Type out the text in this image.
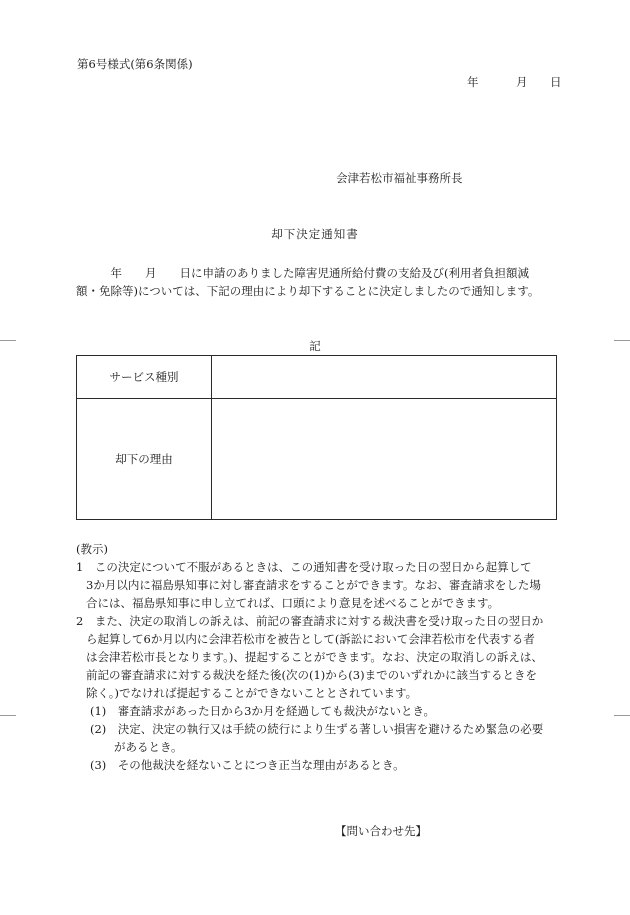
第6号様式(第6条関係)
年	月 日
会津若松市福祉事務所長
却下決定通知書
　　　年　　月　　日に申請のありました障害児通所給付費の支給及び(利用者負担額減
額・免除等)については、下記の理由により却下することに決定しましたので通知します。
記
サービス種別	
却下の理由	
(教示)
1　この決定について不服があるときは、この通知書を受け取った日の翌日から起算して
3か月以内に福島県知事に対し審査請求をすることができます。なお、審査請求をした場
合には、福島県知事に申し立てれば、口頭により意見を述べることができます。
2　また、決定の取消しの訴えは、前記の審査請求に対する裁決書を受け取った日の翌日か
ら起算して6か月以内に会津若松市を被告として(訴訟において会津若松市を代表する者
は会津若松市長となります。)、提起することができます。なお、決定の取消しの訴えは、
前記の審査請求に対する裁決を経た後(次の(1)から(3)までのいずれかに該当するときを
除く。)でなければ提起することができないこととされています。
(1)　審査請求があった日から3か月を経過しても裁決がないとき。
(2)　決定、決定の執行又は手続の続行により生ずる著しい損害を避けるため緊急の必要
があるとき。
(3)　その他裁決を経ないことにつき正当な理由があるとき。
【問い合わせ先】
